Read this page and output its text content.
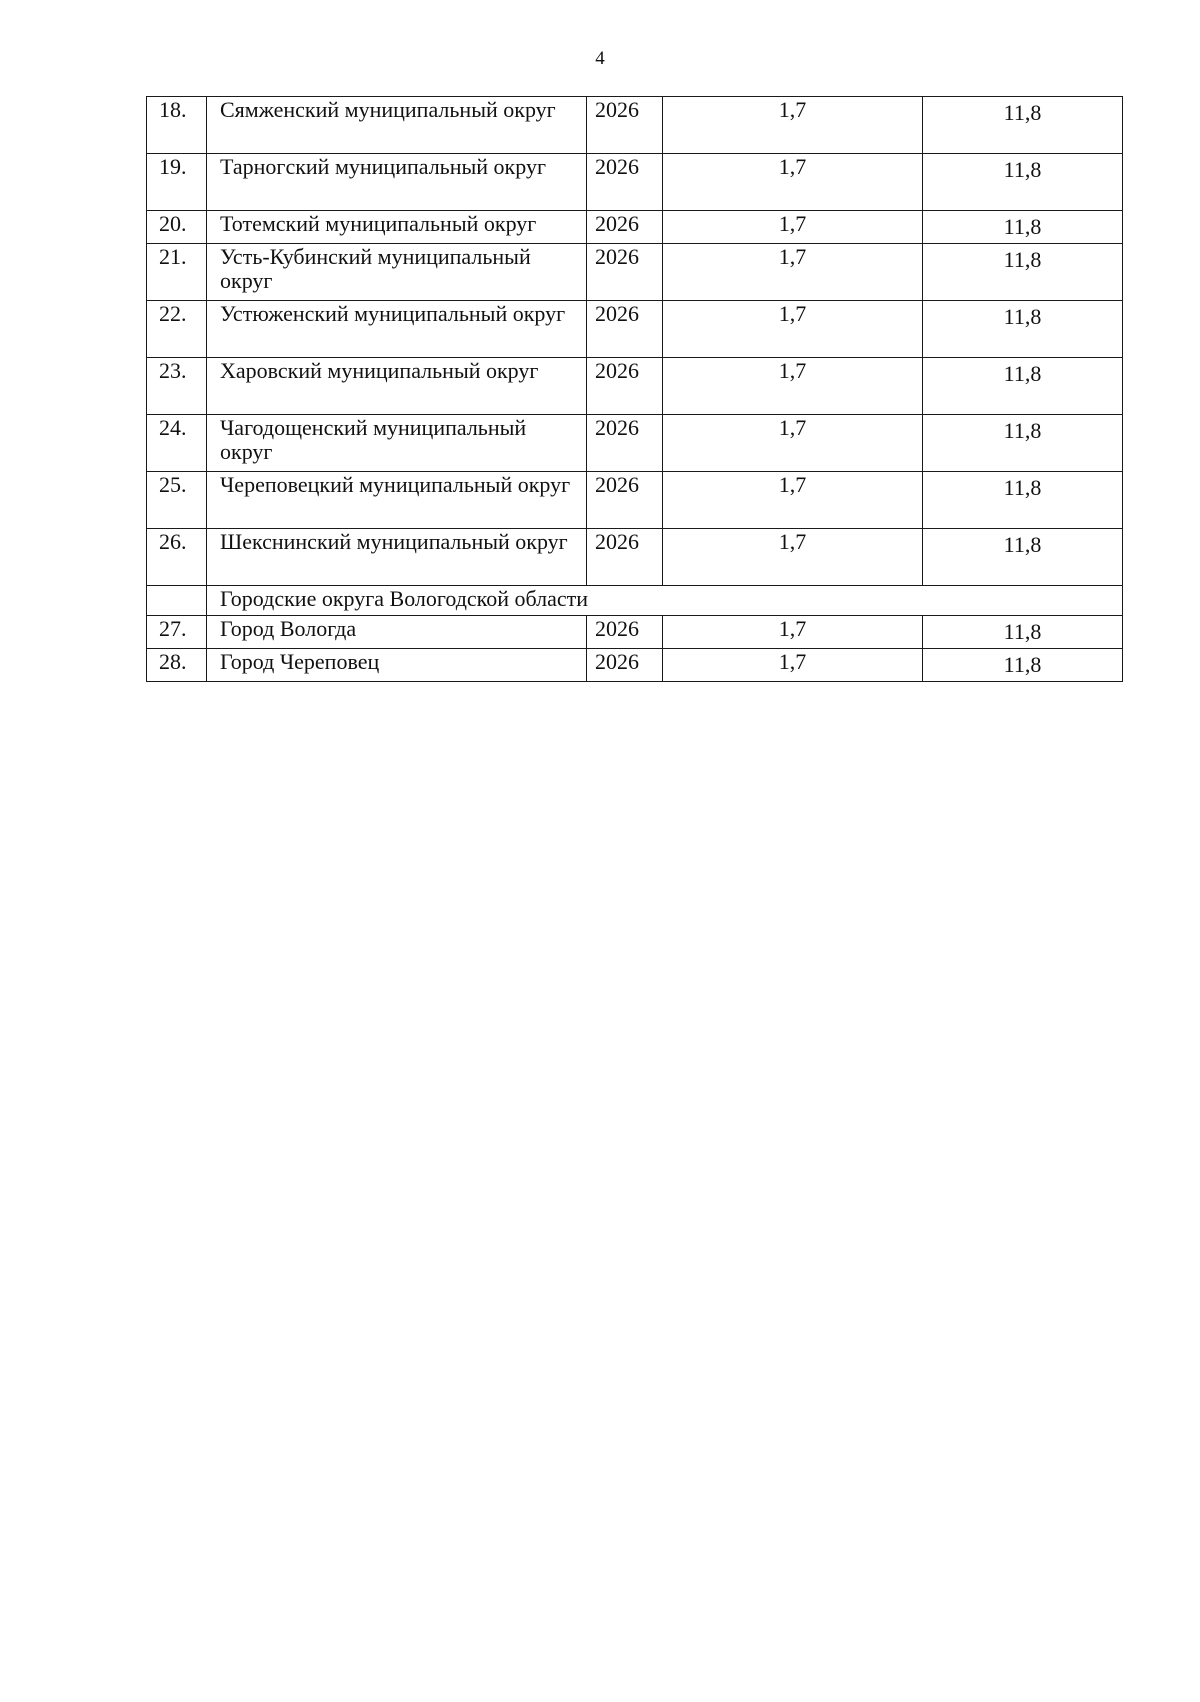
4
18.	Сямженский муниципальный округ	2026	1,7	11,8
19.	Тарногский муниципальный округ	2026	1,7	11,8
20.	Тотемский муниципальный округ	2026	1,7	11,8
21.	Усть-Кубинский муниципальный округ	2026	1,7	11,8
22.	Устюженский муниципальный округ	2026	1,7	11,8
23.	Харовский муниципальный округ	2026	1,7	11,8
24.	Чагодощенский муниципальный округ	2026	1,7	11,8
25.	Череповецкий муниципальный округ	2026	1,7	11,8
26.	Шекснинский муниципальный округ	2026	1,7	11,8
	Городские округа Вологодской области			
27.	Город Вологда	2026	1,7	11,8
28.	Город Череповец	2026	1,7	11,8
